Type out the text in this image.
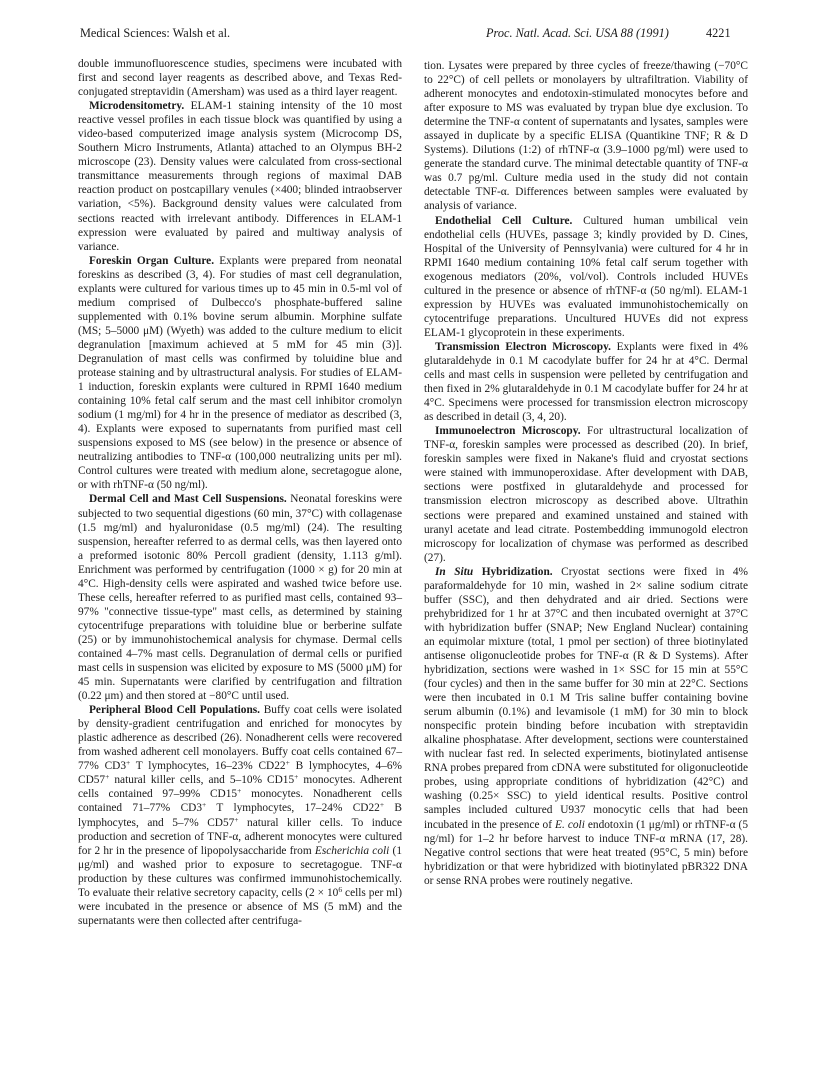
Medical Sciences: Walsh et al.	Proc. Natl. Acad. Sci. USA 88 (1991)	4221

double immunofluorescence studies, specimens were incubated with first and second layer reagents as described above, and Texas Red-conjugated streptavidin (Amersham) was used as a third layer reagent.

Microdensitometry. ELAM-1 staining intensity of the 10 most reactive vessel profiles in each tissue block was quantified by using a video-based computerized image analysis system (Microcomp DS, Southern Micro Instruments, Atlanta) attached to an Olympus BH-2 microscope (23). Density values were calculated from cross-sectional transmittance measurements through regions of maximal DAB reaction product on postcapillary venules (×400; blinded intraobserver variation, <5%). Background density values were calculated from sections reacted with irrelevant antibody. Differences in ELAM-1 expression were evaluated by paired and multiway analysis of variance.

Foreskin Organ Culture. Explants were prepared from neonatal foreskins as described (3, 4). For studies of mast cell degranulation, explants were cultured for various times up to 45 min in 0.5-ml vol of medium comprised of Dulbecco's phosphate-buffered saline supplemented with 0.1% bovine serum albumin. Morphine sulfate (MS; 5–5000 μM) (Wyeth) was added to the culture medium to elicit degranulation [maximum achieved at 5 mM for 45 min (3)]. Degranulation of mast cells was confirmed by toluidine blue and protease staining and by ultrastructural analysis. For studies of ELAM-1 induction, foreskin explants were cultured in RPMI 1640 medium containing 10% fetal calf serum and the mast cell inhibitor cromolyn sodium (1 mg/ml) for 4 hr in the presence of mediator as described (3, 4). Explants were exposed to supernatants from purified mast cell suspensions exposed to MS (see below) in the presence or absence of neutralizing antibodies to TNF-α (100,000 neutralizing units per ml). Control cultures were treated with medium alone, secretagogue alone, or with rhTNF-α (50 ng/ml).

Dermal Cell and Mast Cell Suspensions. Neonatal foreskins were subjected to two sequential digestions (60 min, 37°C) with collagenase (1.5 mg/ml) and hyaluronidase (0.5 mg/ml) (24). The resulting suspension, hereafter referred to as dermal cells, was then layered onto a preformed isotonic 80% Percoll gradient (density, 1.113 g/ml). Enrichment was performed by centrifugation (1000 × g) for 20 min at 4°C. High-density cells were aspirated and washed twice before use. These cells, hereafter referred to as purified mast cells, contained 93–97% "connective tissue-type" mast cells, as determined by staining cytocentrifuge preparations with toluidine blue or berberine sulfate (25) or by immunohistochemical analysis for chymase. Dermal cells contained 4–7% mast cells. Degranulation of dermal cells or purified mast cells in suspension was elicited by exposure to MS (5000 μM) for 45 min. Supernatants were clarified by centrifugation and filtration (0.22 μm) and then stored at −80°C until used.

Peripheral Blood Cell Populations. Buffy coat cells were isolated by density-gradient centrifugation and enriched for monocytes by plastic adherence as described (26). Nonadherent cells were recovered from washed adherent cell monolayers. Buffy coat cells contained 67–77% CD3+ T lymphocytes, 16–23% CD22+ B lymphocytes, 4–6% CD57+ natural killer cells, and 5–10% CD15+ monocytes. Adherent cells contained 97–99% CD15+ monocytes. Nonadherent cells contained 71–77% CD3+ T lymphocytes, 17–24% CD22+ B lymphocytes, and 5–7% CD57+ natural killer cells. To induce production and secretion of TNF-α, adherent monocytes were cultured for 2 hr in the presence of lipopolysaccharide from Escherichia coli (1 μg/ml) and washed prior to exposure to secretagogue. TNF-α production by these cultures was confirmed immunohistochemically. To evaluate their relative secretory capacity, cells ($2 \times 10^6$ cells per ml) were incubated in the presence or absence of MS (5 mM) and the supernatants were then collected after centrifuga-

tion. Lysates were prepared by three cycles of freeze/thawing (−70°C to 22°C) of cell pellets or monolayers by ultrafiltration. Viability of adherent monocytes and endotoxin-stimulated monocytes before and after exposure to MS was evaluated by trypan blue dye exclusion. To determine the TNF-α content of supernatants and lysates, samples were assayed in duplicate by a specific ELISA (Quantikine TNF; R & D Systems). Dilutions (1:2) of rhTNF-α (3.9–1000 pg/ml) were used to generate the standard curve. The minimal detectable quantity of TNF-α was 0.7 pg/ml. Culture media used in the study did not contain detectable TNF-α. Differences between samples were evaluated by analysis of variance.

Endothelial Cell Culture. Cultured human umbilical vein endothelial cells (HUVEs, passage 3; kindly provided by D. Cines, Hospital of the University of Pennsylvania) were cultured for 4 hr in RPMI 1640 medium containing 10% fetal calf serum together with exogenous mediators (20%, vol/vol). Controls included HUVEs cultured in the presence or absence of rhTNF-α (50 ng/ml). ELAM-1 expression by HUVEs was evaluated immunohistochemically on cytocentrifuge preparations. Uncultured HUVEs did not express ELAM-1 glycoprotein in these experiments.

Transmission Electron Microscopy. Explants were fixed in 4% glutaraldehyde in 0.1 M cacodylate buffer for 24 hr at 4°C. Dermal cells and mast cells in suspension were pelleted by centrifugation and then fixed in 2% glutaraldehyde in 0.1 M cacodylate buffer for 24 hr at 4°C. Specimens were processed for transmission electron microscopy as described in detail (3, 4, 20).

Immunoelectron Microscopy. For ultrastructural localization of TNF-α, foreskin samples were processed as described (20). In brief, foreskin samples were fixed in Nakane's fluid and cryostat sections were stained with immunoperoxidase. After development with DAB, sections were postfixed in glutaraldehyde and processed for transmission electron microscopy as described above. Ultrathin sections were prepared and examined unstained and stained with uranyl acetate and lead citrate. Postembedding immunogold electron microscopy for localization of chymase was performed as described (27).

In Situ Hybridization. Cryostat sections were fixed in 4% paraformaldehyde for 10 min, washed in 2× saline sodium citrate buffer (SSC), and then dehydrated and air dried. Sections were prehybridized for 1 hr at 37°C and then incubated overnight at 37°C with hybridization buffer (SNAP; New England Nuclear) containing an equimolar mixture (total, 1 pmol per section) of three biotinylated antisense oligonucleotide probes for TNF-α (R & D Systems). After hybridization, sections were washed in 1× SSC for 15 min at 55°C (four cycles) and then in the same buffer for 30 min at 22°C. Sections were then incubated in 0.1 M Tris saline buffer containing bovine serum albumin (0.1%) and levamisole (1 mM) for 30 min to block nonspecific protein binding before incubation with streptavidin alkaline phosphatase. After development, sections were counterstained with nuclear fast red. In selected experiments, biotinylated antisense RNA probes prepared from cDNA were substituted for oligonucleotide probes, using appropriate conditions of hybridization (42°C) and washing (0.25× SSC) to yield identical results. Positive control samples included cultured U937 monocytic cells that had been incubated in the presence of E. coli endotoxin (1 μg/ml) or rhTNF-α (5 ng/ml) for 1–2 hr before harvest to induce TNF-α mRNA (17, 28). Negative control sections that were heat treated (95°C, 5 min) before hybridization or that were hybridized with biotinylated pBR322 DNA or sense RNA probes were routinely negative.
